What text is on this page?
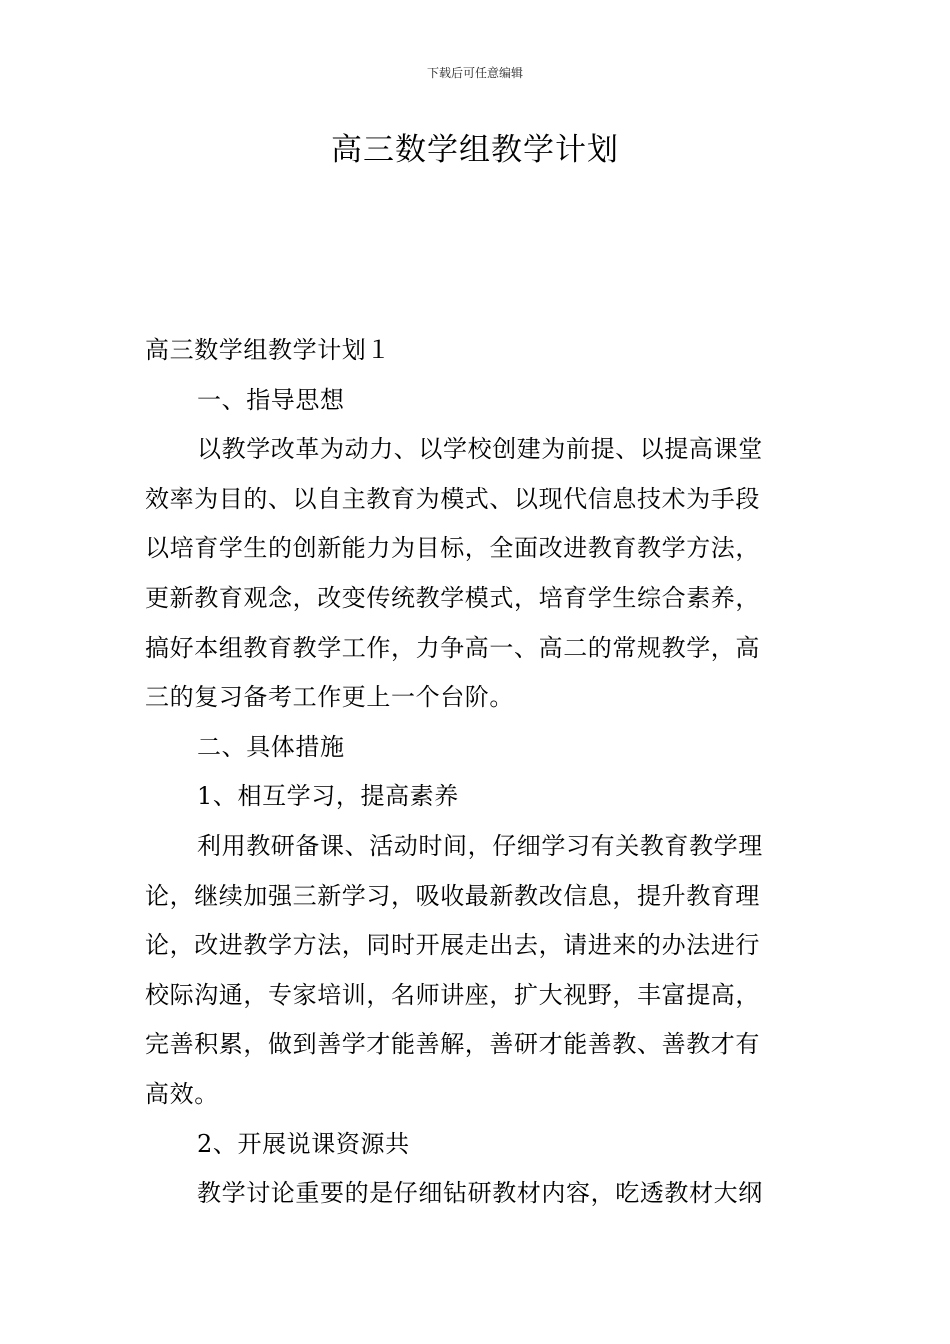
下载后可任意编辑
高三数学组教学计划

高三数学组教学计划１

一、指导思想

以教学改革为动力、以学校创建为前提、以提高课堂

效率为目的、以自主教育为模式、以现代信息技术为手段

以培育学生的创新能力为目标，全面改进教育教学方法，

更新教育观念，改变传统教学模式，培育学生综合素养，

搞好本组教育教学工作，力争高一、高二的常规教学，高

三的复习备考工作更上一个台阶。

二、具体措施

1、相互学习，提高素养

利用教研备课、活动时间，仔细学习有关教育教学理

论，继续加强三新学习，吸收最新教改信息，提升教育理

论，改进教学方法，同时开展走出去，请进来的办法进行

校际沟通，专家培训，名师讲座，扩大视野，丰富提高，

完善积累，做到善学才能善解，善研才能善教、善教才有

高效。

2、开展说课资源共

教学讨论重要的是仔细钻研教材内容，吃透教材大纲
